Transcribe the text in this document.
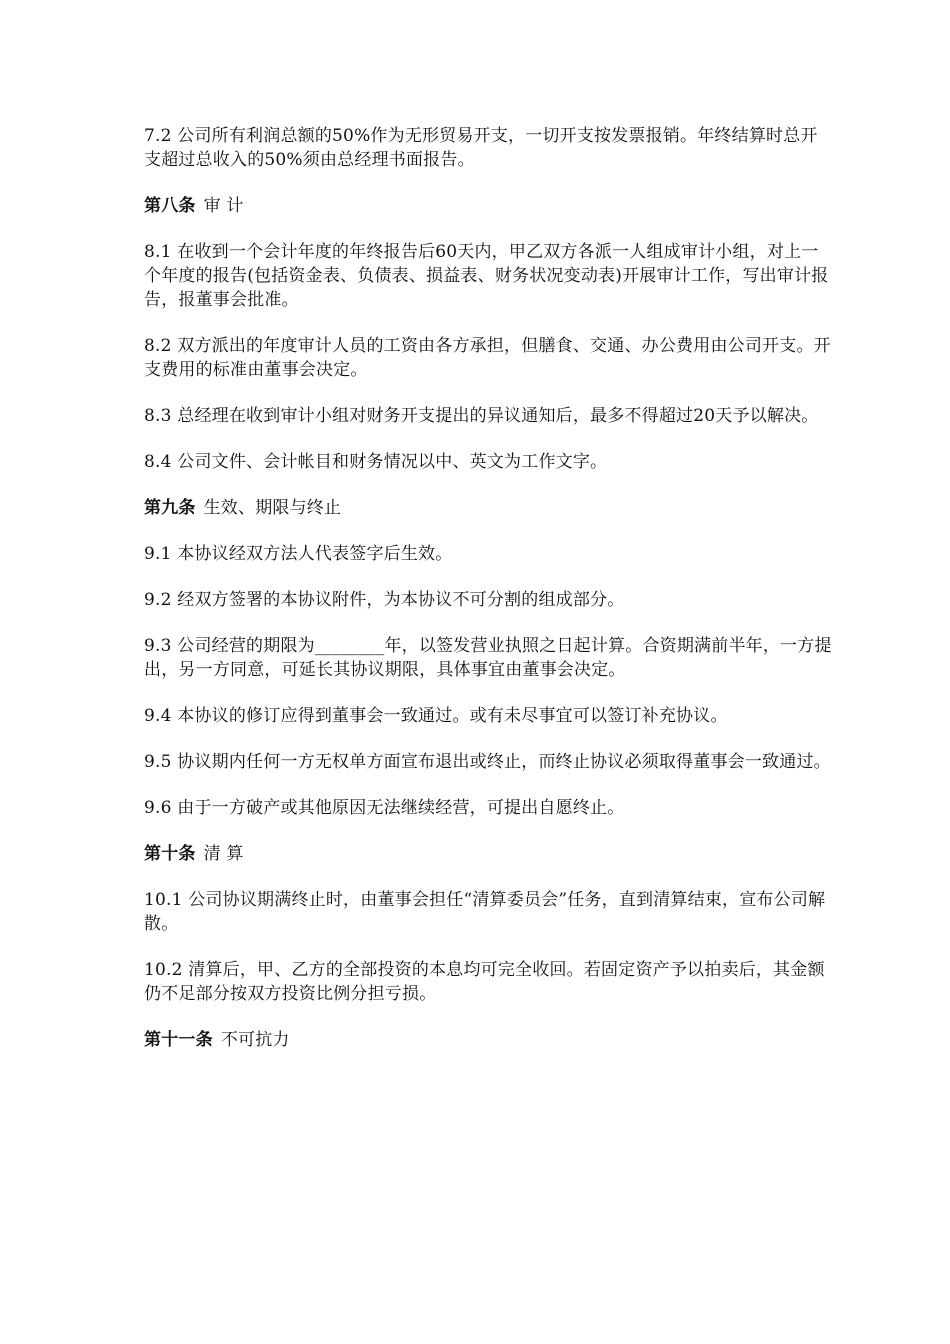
7.2 公司所有利润总额的50%作为无形贸易开支，一切开支按发票报销。年终结算时总开支超过总收入的50%须由总经理书面报告。

第八条 审 计

8.1 在收到一个会计年度的年终报告后60天内，甲乙双方各派一人组成审计小组，对上一个年度的报告(包括资金表、负债表、损益表、财务状况变动表)开展审计工作，写出审计报告，报董事会批准。

8.2 双方派出的年度审计人员的工资由各方承担，但膳食、交通、办公费用由公司开支。开支费用的标准由董事会决定。

8.3 总经理在收到审计小组对财务开支提出的异议通知后，最多不得超过20天予以解决。

8.4 公司文件、会计帐目和财务情况以中、英文为工作文字。

第九条 生效、期限与终止

9.1 本协议经双方法人代表签字后生效。

9.2 经双方签署的本协议附件，为本协议不可分割的组成部分。

9.3 公司经营的期限为________年，以签发营业执照之日起计算。合资期满前半年，一方提出，另一方同意，可延长其协议期限，具体事宜由董事会决定。

9.4 本协议的修订应得到董事会一致通过。或有未尽事宜可以签订补充协议。

9.5 协议期内任何一方无权单方面宣布退出或终止，而终止协议必须取得董事会一致通过。

9.6 由于一方破产或其他原因无法继续经营，可提出自愿终止。

第十条 清 算

10.1 公司协议期满终止时，由董事会担任“清算委员会”任务，直到清算结束，宣布公司解散。

10.2 清算后，甲、乙方的全部投资的本息均可完全收回。若固定资产予以拍卖后，其金额仍不足部分按双方投资比例分担亏损。

第十一条 不可抗力
